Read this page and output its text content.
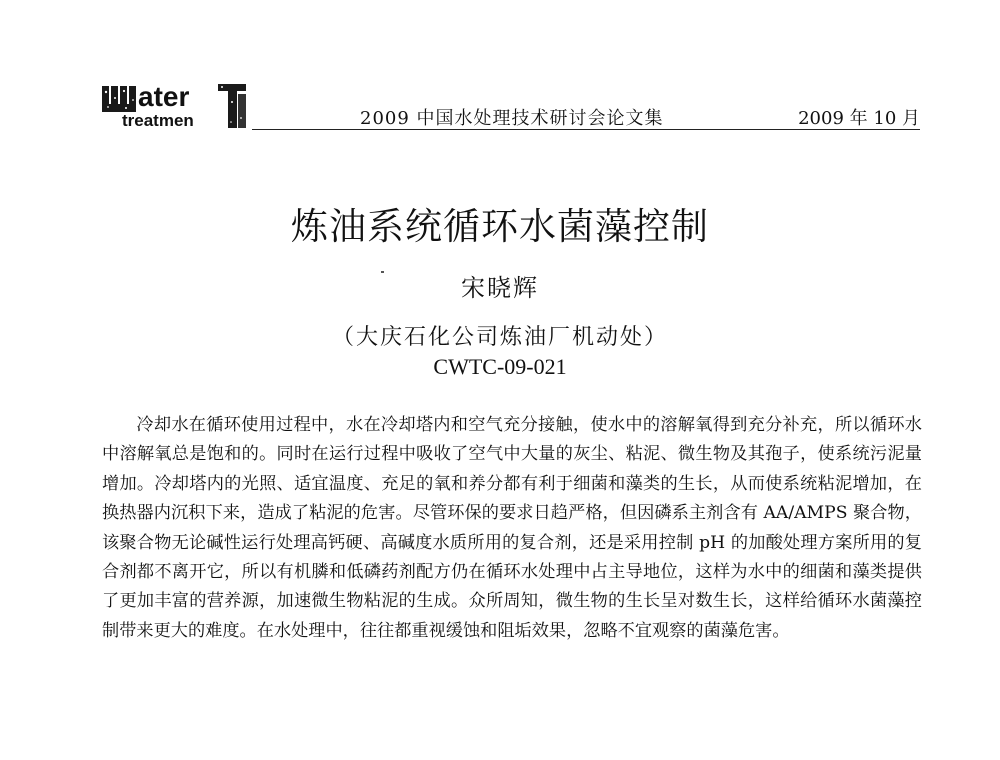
ater
treatmen	2009 中国水处理技术研讨会论文集	2009 年 10 月
炼油系统循环水菌藻控制
宋晓辉
（大庆石化公司炼油厂机动处）
CWTC-09-021

冷却水在循环使用过程中，水在冷却塔内和空气充分接触，使水中的溶解氧得到充分补充，所以循环水中溶解氧总是饱和的。同时在运行过程中吸收了空气中大量的灰尘、粘泥、微生物及其孢子，使系统污泥量增加。冷却塔内的光照、适宜温度、充足的氧和养分都有利于细菌和藻类的生长，从而使系统粘泥增加，在换热器内沉积下来，造成了粘泥的危害。尽管环保的要求日趋严格，但因磷系主剂含有 AA/AMPS 聚合物，该聚合物无论碱性运行处理高钙硬、高碱度水质所用的复合剂，还是采用控制 pH 的加酸处理方案所用的复合剂都不离开它，所以有机膦和低磷药剂配方仍在循环水处理中占主导地位，这样为水中的细菌和藻类提供了更加丰富的营养源，加速微生物粘泥的生成。众所周知，微生物的生长呈对数生长，这样给循环水菌藻控制带来更大的难度。在水处理中，往往都重视缓蚀和阻垢效果，忽略不宜观察的菌藻危害。
